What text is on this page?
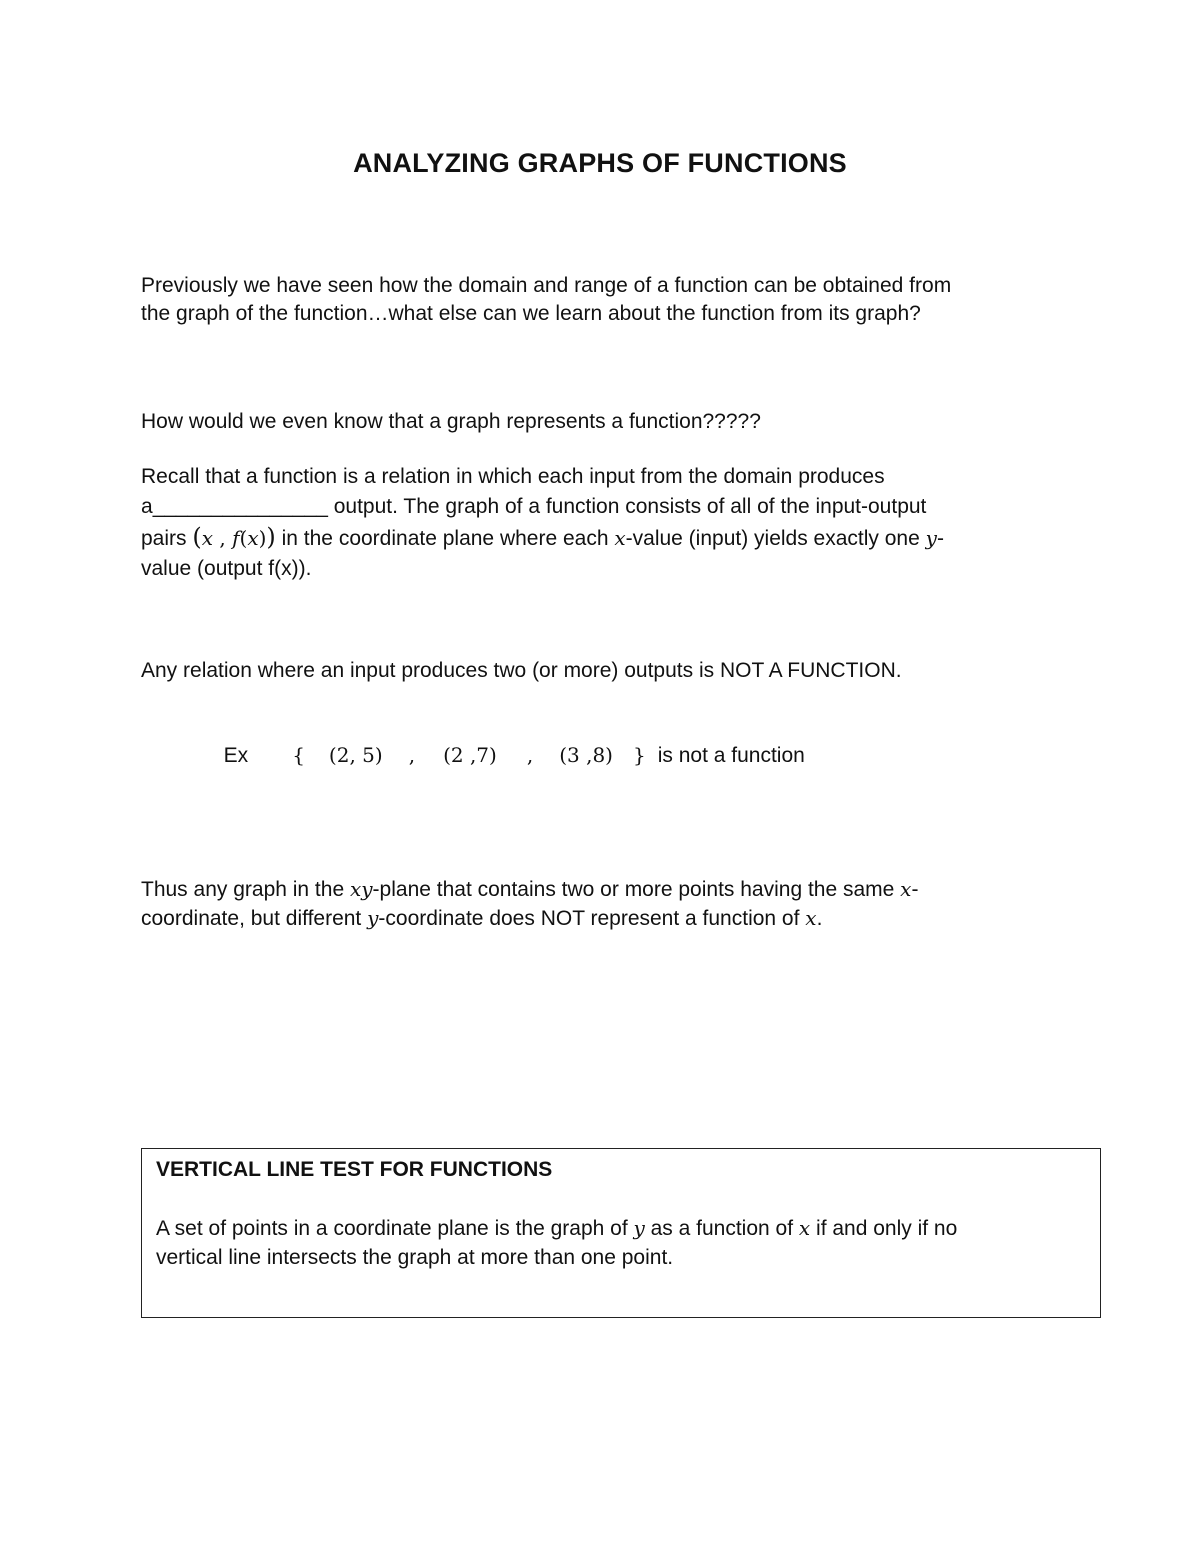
ANALYZING GRAPHS OF FUNCTIONS

Previously we have seen how the domain and range of a function can be obtained from
the graph of the function…what else can we learn about the function from its graph?

How would we even know that a graph represents a function?????

Recall that a function is a relation in which each input from the domain produces
a_______________ output. The graph of a function consists of all of the input-output
pairs (x , f(x)) in the coordinate plane where each x-value (input) yields exactly one y-
value (output f(x)).

Any relation where an input produces two (or more) outputs is NOT A FUNCTION.

Ex { (2, 5) , (2 ,7) , (3 ,8) } is not a function

Thus any graph in the xy-plane that contains two or more points having the same x-
coordinate, but different y-coordinate does NOT represent a function of x.

VERTICAL LINE TEST FOR FUNCTIONS

A set of points in a coordinate plane is the graph of y as a function of x if and only if no
vertical line intersects the graph at more than one point.
